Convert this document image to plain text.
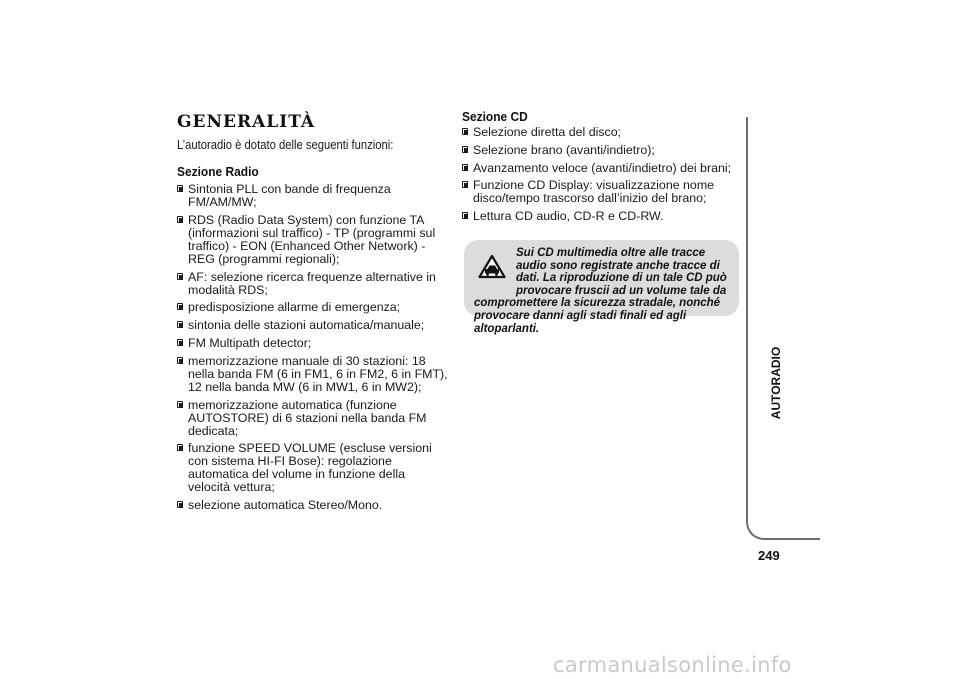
GENERALITÀ
L’autoradio è dotato delle seguenti funzioni:
Sezione Radio
Sintonia PLL con bande di frequenza FM/AM/MW;
RDS (Radio Data System) con funzione TA (informazioni sul traffico) - TP (programmi sul traffico) - EON (Enhanced Other Network) - REG (programmi regionali);
AF: selezione ricerca frequenze alternative in modalità RDS;
predisposizione allarme di emergenza;
sintonia delle stazioni automatica/manuale;
FM Multipath detector;
memorizzazione manuale di 30 stazioni: 18 nella banda FM (6 in FM1, 6 in FM2, 6 in FMT), 12 nella banda MW (6 in MW1, 6 in MW2);
memorizzazione automatica (funzione AUTOSTORE) di 6 stazioni nella banda FM dedicata;
funzione SPEED VOLUME (escluse versioni con sistema HI-FI Bose): regolazione automatica del volume in funzione della velocità vettura;
selezione automatica Stereo/Mono.
Sezione CD
Selezione diretta del disco;
Selezione brano (avanti/indietro);
Avanzamento veloce (avanti/indietro) dei brani;
Funzione CD Display: visualizzazione nome disco/tempo trascorso dall’inizio del brano;
Lettura CD audio, CD-R e CD-RW.
Sui CD multimedia oltre alle tracce audio sono registrate anche tracce di dati. La riproduzione di un tale CD può provocare fruscii ad un volume tale da compromettere la sicurezza stradale, nonché provocare danni agli stadi finali ed agli altoparlanti.
AUTORADIO
249
carmanualsonline.info
